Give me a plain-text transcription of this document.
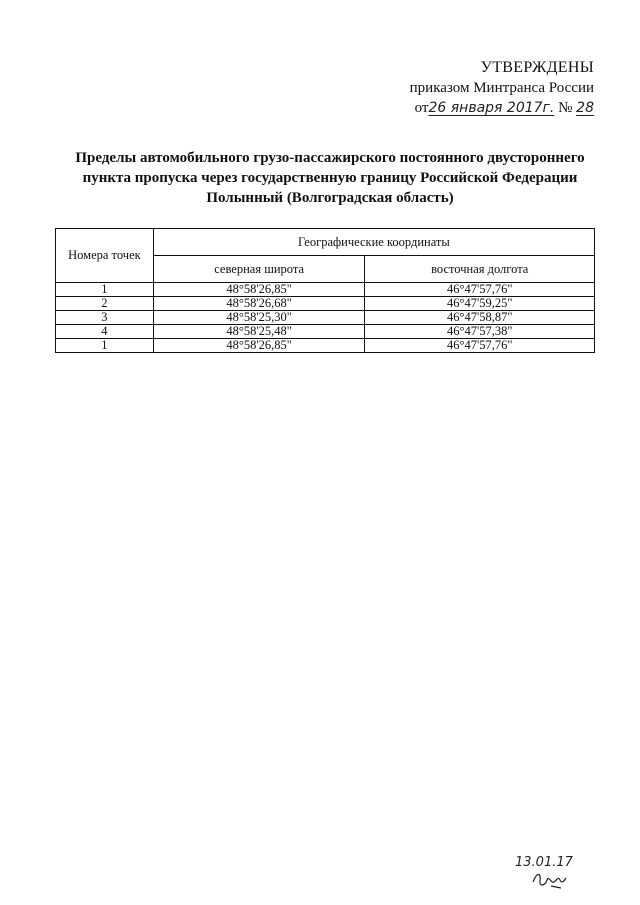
УТВЕРЖДЕНЫ
приказом Минтранса России
от26 января 2017г. № 28
Пределы автомобильного грузо-пассажирского постоянного двустороннего пункта пропуска через государственную границу Российской Федерации Полынный (Волгоградская область)
Номера точек	Географические координаты	
	северная широта	восточная долгота
1	48°58'26,85"	46°47'57,76"
2	48°58'26,68"	46°47'59,25"
3	48°58'25,30"	46°47'58,87"
4	48°58'25,48"	46°47'57,38"
1	48°58'26,85"	46°47'57,76"
13.01.17
